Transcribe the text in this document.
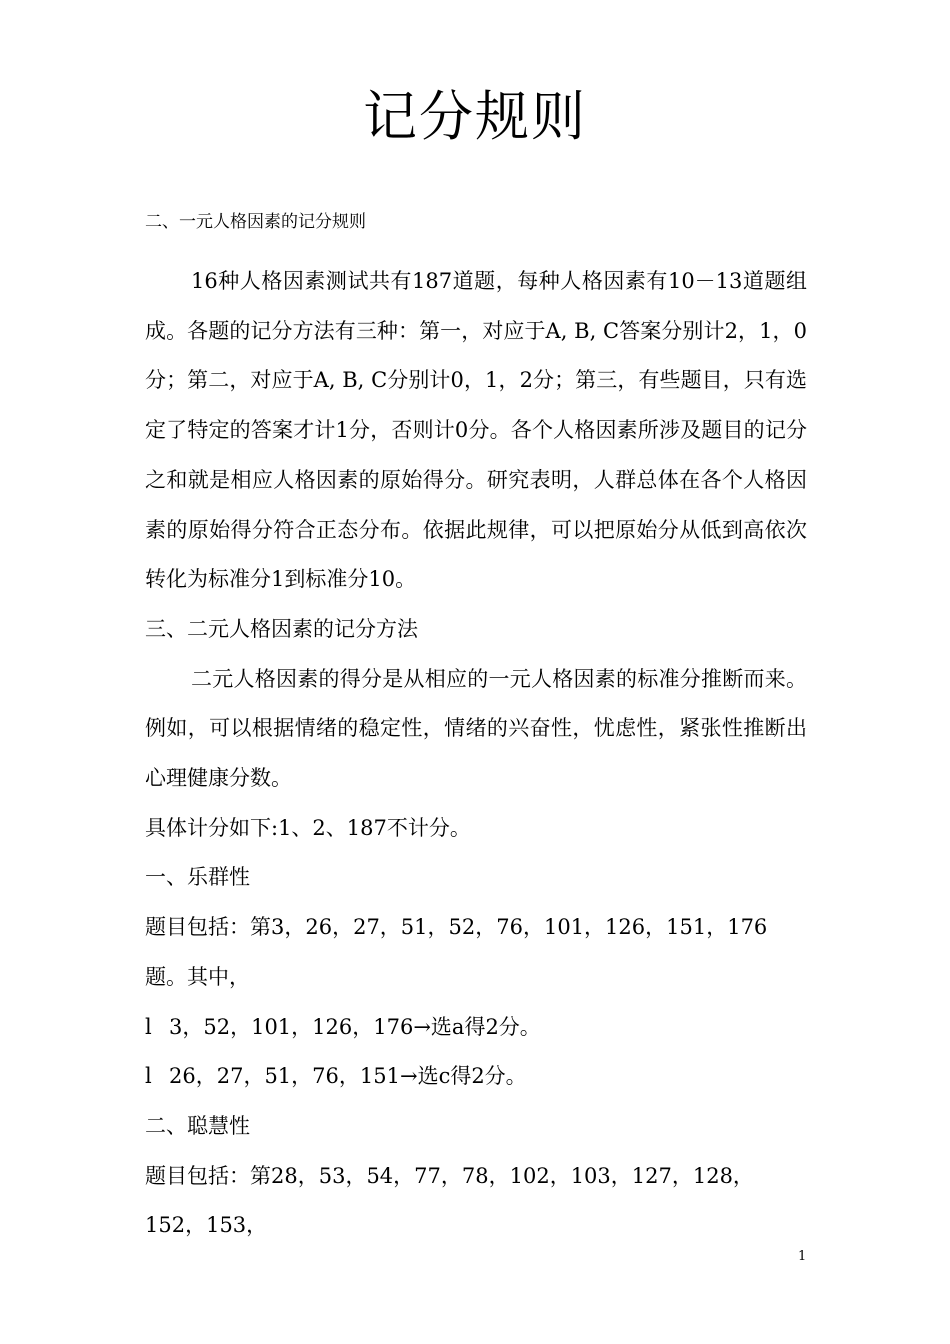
记分规则
二、一元人格因素的记分规则

16种人格因素测试共有187道题，每种人格因素有10－13道题组成。各题的记分方法有三种：第一，对应于A, B, C答案分别计2，1，0分；第二，对应于A, B, C分别计0，1，2分；第三，有些题目，只有选定了特定的答案才计1分，否则计0分。各个人格因素所涉及题目的记分之和就是相应人格因素的原始得分。研究表明，人群总体在各个人格因素的原始得分符合正态分布。依据此规律，可以把原始分从低到高依次转化为标准分1到标准分10。

三、二元人格因素的记分方法

二元人格因素的得分是从相应的一元人格因素的标准分推断而来。例如，可以根据情绪的稳定性，情绪的兴奋性，忧虑性，紧张性推断出心理健康分数。

具体计分如下:1、2、187不计分。

一、乐群性

题目包括：第3，26，27，51，52，76，101，126，151，176题。其中，

l 3，52，101，126，176→选a得2分。

l 26，27，51，76，151→选c得2分。

二、聪慧性

题目包括：第28，53，54，77，78，102，103，127，128，152，153，

1
